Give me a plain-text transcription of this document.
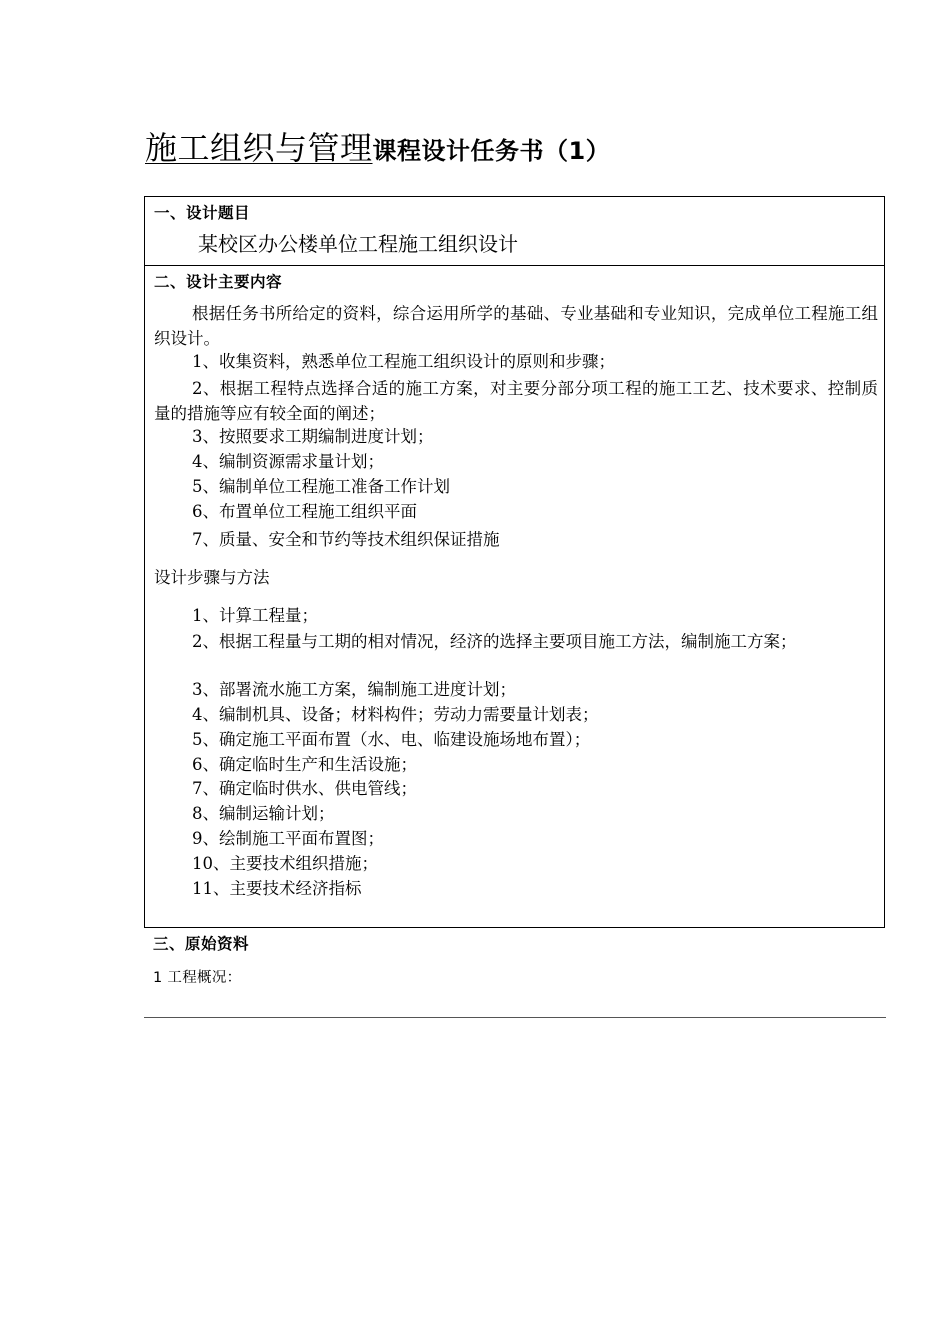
施工组织与管理课程设计任务书（1）
一、设计题目
某校区办公楼单位工程施工组织设计
二、设计主要内容
根据任务书所给定的资料，综合运用所学的基础、专业基础和专业知识，完成单位工程施工组织设计。
1、收集资料，熟悉单位工程施工组织设计的原则和步骤；
2、根据工程特点选择合适的施工方案，对主要分部分项工程的施工工艺、技术要求、控制质量的措施等应有较全面的阐述；
3、按照要求工期编制进度计划；
4、编制资源需求量计划；
5、编制单位工程施工准备工作计划
6、布置单位工程施工组织平面
7、质量、安全和节约等技术组织保证措施
设计步骤与方法
1、计算工程量；
2、根据工程量与工期的相对情况，经济的选择主要项目施工方法，编制施工方案；
3、部署流水施工方案，编制施工进度计划；
4、编制机具、设备；材料构件；劳动力需要量计划表；
5、确定施工平面布置（水、电、临建设施场地布置）；
6、确定临时生产和生活设施；
7、确定临时供水、供电管线；
8、编制运输计划；
9、绘制施工平面布置图；
10、主要技术组织措施；
11、主要技术经济指标
三、原始资料
1 工程概况：
